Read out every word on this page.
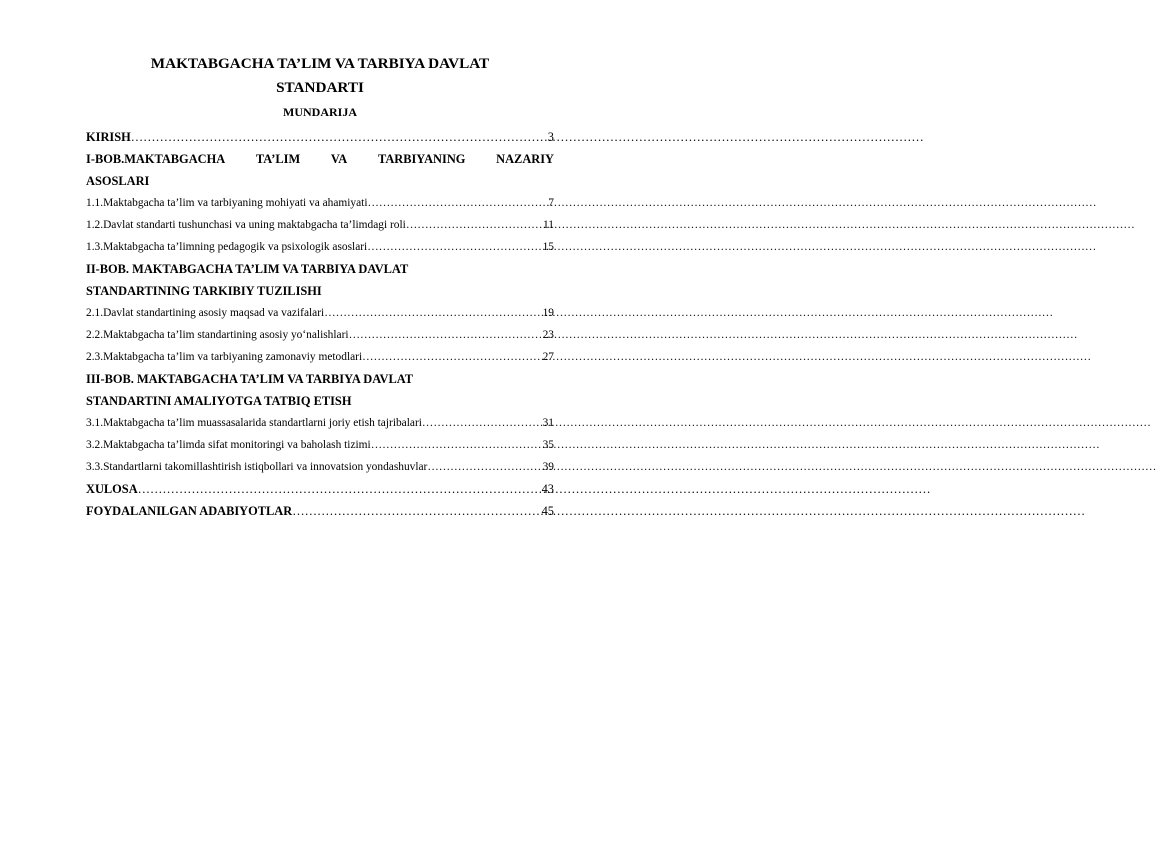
MAKTABGACHA TA’LIM VA TARBIYA DAVLAT
STANDARTI
MUNDARIJA
KIRISH …………………………………………………………………………………………………………………………………………………………………………	3
I-BOB.MAKTABGACHA TA’LIM VA TARBIYANING NAZARIY
ASOSLARI
1.1.Maktabgacha ta’lim va tarbiyaning mohiyati va ahamiyati …………………………………………………………………………………………………………………………………………………………………………	7
1.2.Davlat standarti tushunchasi va uning maktabgacha ta’limdagi roli …………………………………………………………………………………………………………………………………………………………………………	11
1.3.Maktabgacha ta’limning pedagogik va psixologik asoslari …………………………………………………………………………………………………………………………………………………………………………	15
II-BOB. MAKTABGACHA TA’LIM VA TARBIYA DAVLAT
STANDARTINING TARKIBIY TUZILISHI
2.1.Davlat standartining asosiy maqsad va vazifalari …………………………………………………………………………………………………………………………………………………………………………	19
2.2.Maktabgacha ta’lim standartining asosiy yo‘nalishlari …………………………………………………………………………………………………………………………………………………………………………	23
2.3.Maktabgacha ta’lim va tarbiyaning zamonaviy metodlari …………………………………………………………………………………………………………………………………………………………………………	27
III-BOB. MAKTABGACHA TA’LIM VA TARBIYA DAVLAT
STANDARTINI AMALIYOTGA TATBIQ ETISH
3.1.Maktabgacha ta’lim muassasalarida standartlarni joriy etish tajribalari …………………………………………………………………………………………………………………………………………………………………………	31
3.2.Maktabgacha ta’limda sifat monitoringi va baholash tizimi …………………………………………………………………………………………………………………………………………………………………………	35
3.3.Standartlarni takomillashtirish istiqbollari va innovatsion yondashuvlar …………………………………………………………………………………………………………………………………………………………………………	39
XULOSA …………………………………………………………………………………………………………………………………………………………………………	43
FOYDALANILGAN ADABIYOTLAR …………………………………………………………………………………………………………………………………………………………………………	45
